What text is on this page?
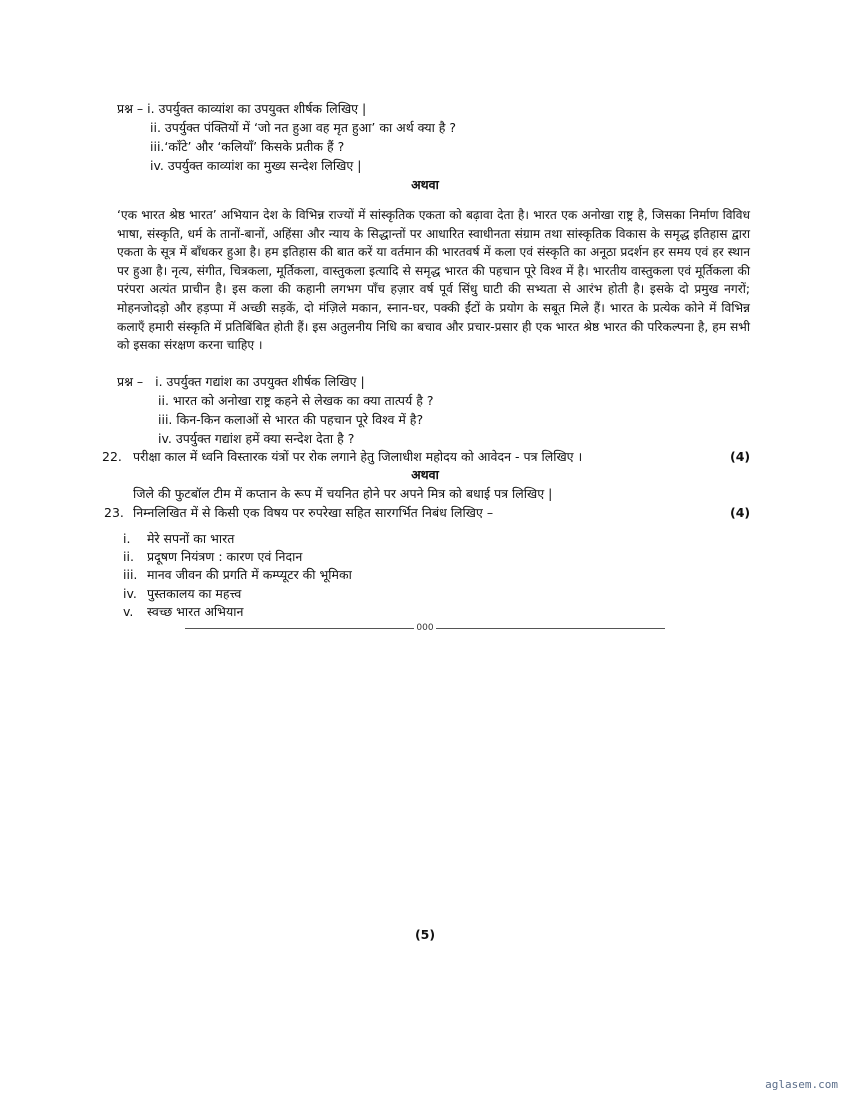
प्रश्न – i. उपर्युक्त काव्यांश का उपयुक्त शीर्षक लिखिए |
ii. उपर्युक्त पंक्तियों में ‘जो नत हुआ वह मृत हुआ’ का अर्थ क्या है ?
iii.‘काँटे’ और ‘कलियाँ’ किसके प्रतीक हैं ?
iv. उपर्युक्त काव्यांश का मुख्य सन्देश लिखिए |
अथवा
‘एक भारत श्रेष्ठ भारत’ अभियान देश के विभिन्न राज्यों में सांस्कृतिक एकता को बढ़ावा देता है। भारत एक अनोखा राष्ट्र है, जिसका निर्माण विविध भाषा, संस्कृति, धर्म के तानों-बानों, अहिंसा और न्याय के सिद्धान्तों पर आधारित स्वाधीनता संग्राम तथा सांस्कृतिक विकास के समृद्ध इतिहास द्वारा एकता के सूत्र में बाँधकर हुआ है। हम इतिहास की बात करें या वर्तमान की भारतवर्ष में कला एवं संस्कृति का अनूठा प्रदर्शन हर समय एवं हर स्थान पर हुआ है। नृत्य, संगीत, चित्रकला, मूर्तिकला, वास्तुकला इत्यादि से समृद्ध भारत की पहचान पूरे विश्व में है। भारतीय वास्तुकला एवं मूर्तिकला की परंपरा अत्यंत प्राचीन है। इस कला की कहानी लगभग पाँच हज़ार वर्ष पूर्व सिंधु घाटी की सभ्यता से आरंभ होती है। इसके दो प्रमुख नगरों; मोहनजोदड़ो और हड़प्पा में अच्छी सड़कें, दो मंज़िले मकान, स्नान-घर, पक्की ईंटों के प्रयोग के सबूत मिले हैं। भारत के प्रत्येक कोने में विभिन्न कलाएँ हमारी संस्कृति में प्रतिबिंबित होती हैं। इस अतुलनीय निधि का बचाव और प्रचार-प्रसार ही एक भारत श्रेष्ठ भारत की परिकल्पना है, हम सभी को इसका संरक्षण करना चाहिए ।
प्रश्न – i. उपर्युक्त गद्यांश का उपयुक्त शीर्षक लिखिए |
ii. भारत को अनोखा राष्ट्र कहने से लेखक का क्या तात्पर्य है ?
iii. किन-किन कलाओं से भारत की पहचान पूरे विश्व में है?
iv. उपर्युक्त गद्यांश हमें क्या सन्देश देता है ?
22. परीक्षा काल में ध्वनि विस्तारक यंत्रों पर रोक लगाने हेतु जिलाधीश महोदय को आवेदन - पत्र लिखिए ।	(4)
अथवा
जिले की फुटबॉल टीम में कप्तान के रूप में चयनित होने पर अपने मित्र को बधाई पत्र लिखिए |
23. निम्नलिखित में से किसी एक विषय पर रुपरेखा सहित सारगर्भित निबंध लिखिए –	(4)
i. मेरे सपनों का भारत
ii. प्रदूषण नियंत्रण : कारण एवं निदान
iii. मानव जीवन की प्रगति में कम्प्यूटर की भूमिका
iv. पुस्तकालय का महत्त्व
v. स्वच्छ भारत अभियान
000
(5)
aglasem.com
